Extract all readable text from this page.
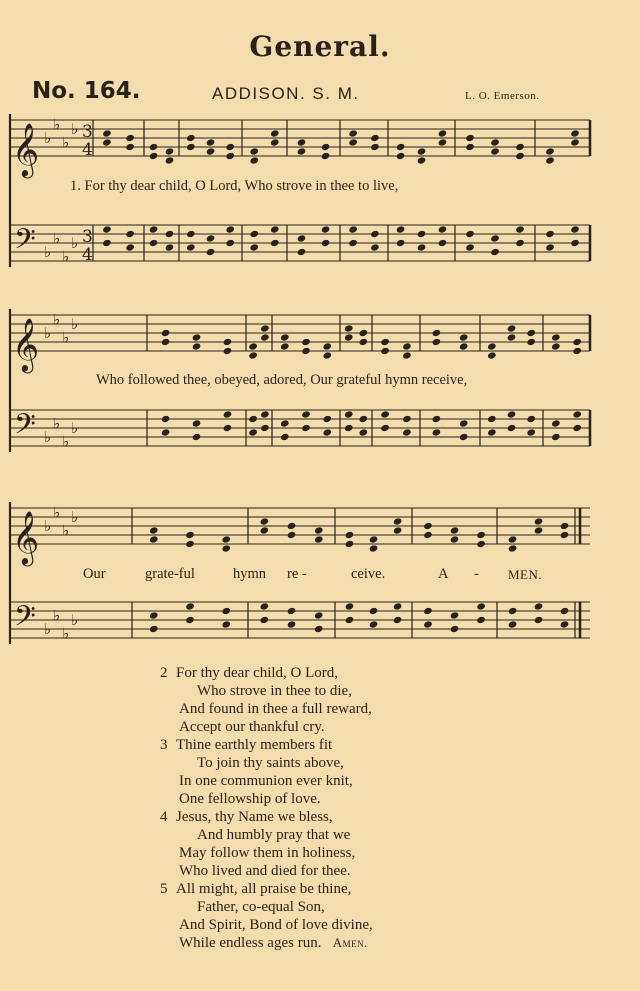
General.
No. 164.	ADDISON. S. M.	L. O. Emerson.
𝄞
𝄢
♭
♭
♭
♭
♭
♭
♭
♭
3
4
3
4
𝄞
𝄢
♭
♭
♭
♭
♭
♭
♭
♭
𝄞
𝄢
♭
♭
♭
♭
♭
♭
♭
♭
1. For thy dear child, O Lord, Who strove in thee to live,
Who followed thee, obeyed, adored, Our grateful hymn receive,
Our	grate-ful	hymn re -	ceive.	A - MEN.
2 For thy dear child, O Lord,
Who strove in thee to die,
And found in thee a full reward,
Accept our thankful cry.
3 Thine earthly members fit
To join thy saints above,
In one communion ever knit,
One fellowship of love.
4 Jesus, thy Name we bless,
And humbly pray that we
May follow them in holiness,
Who lived and died for thee.
5 All might, all praise be thine,
Father, co-equal Son,
And Spirit, Bond of love divine,
While endless ages run. Amen.
